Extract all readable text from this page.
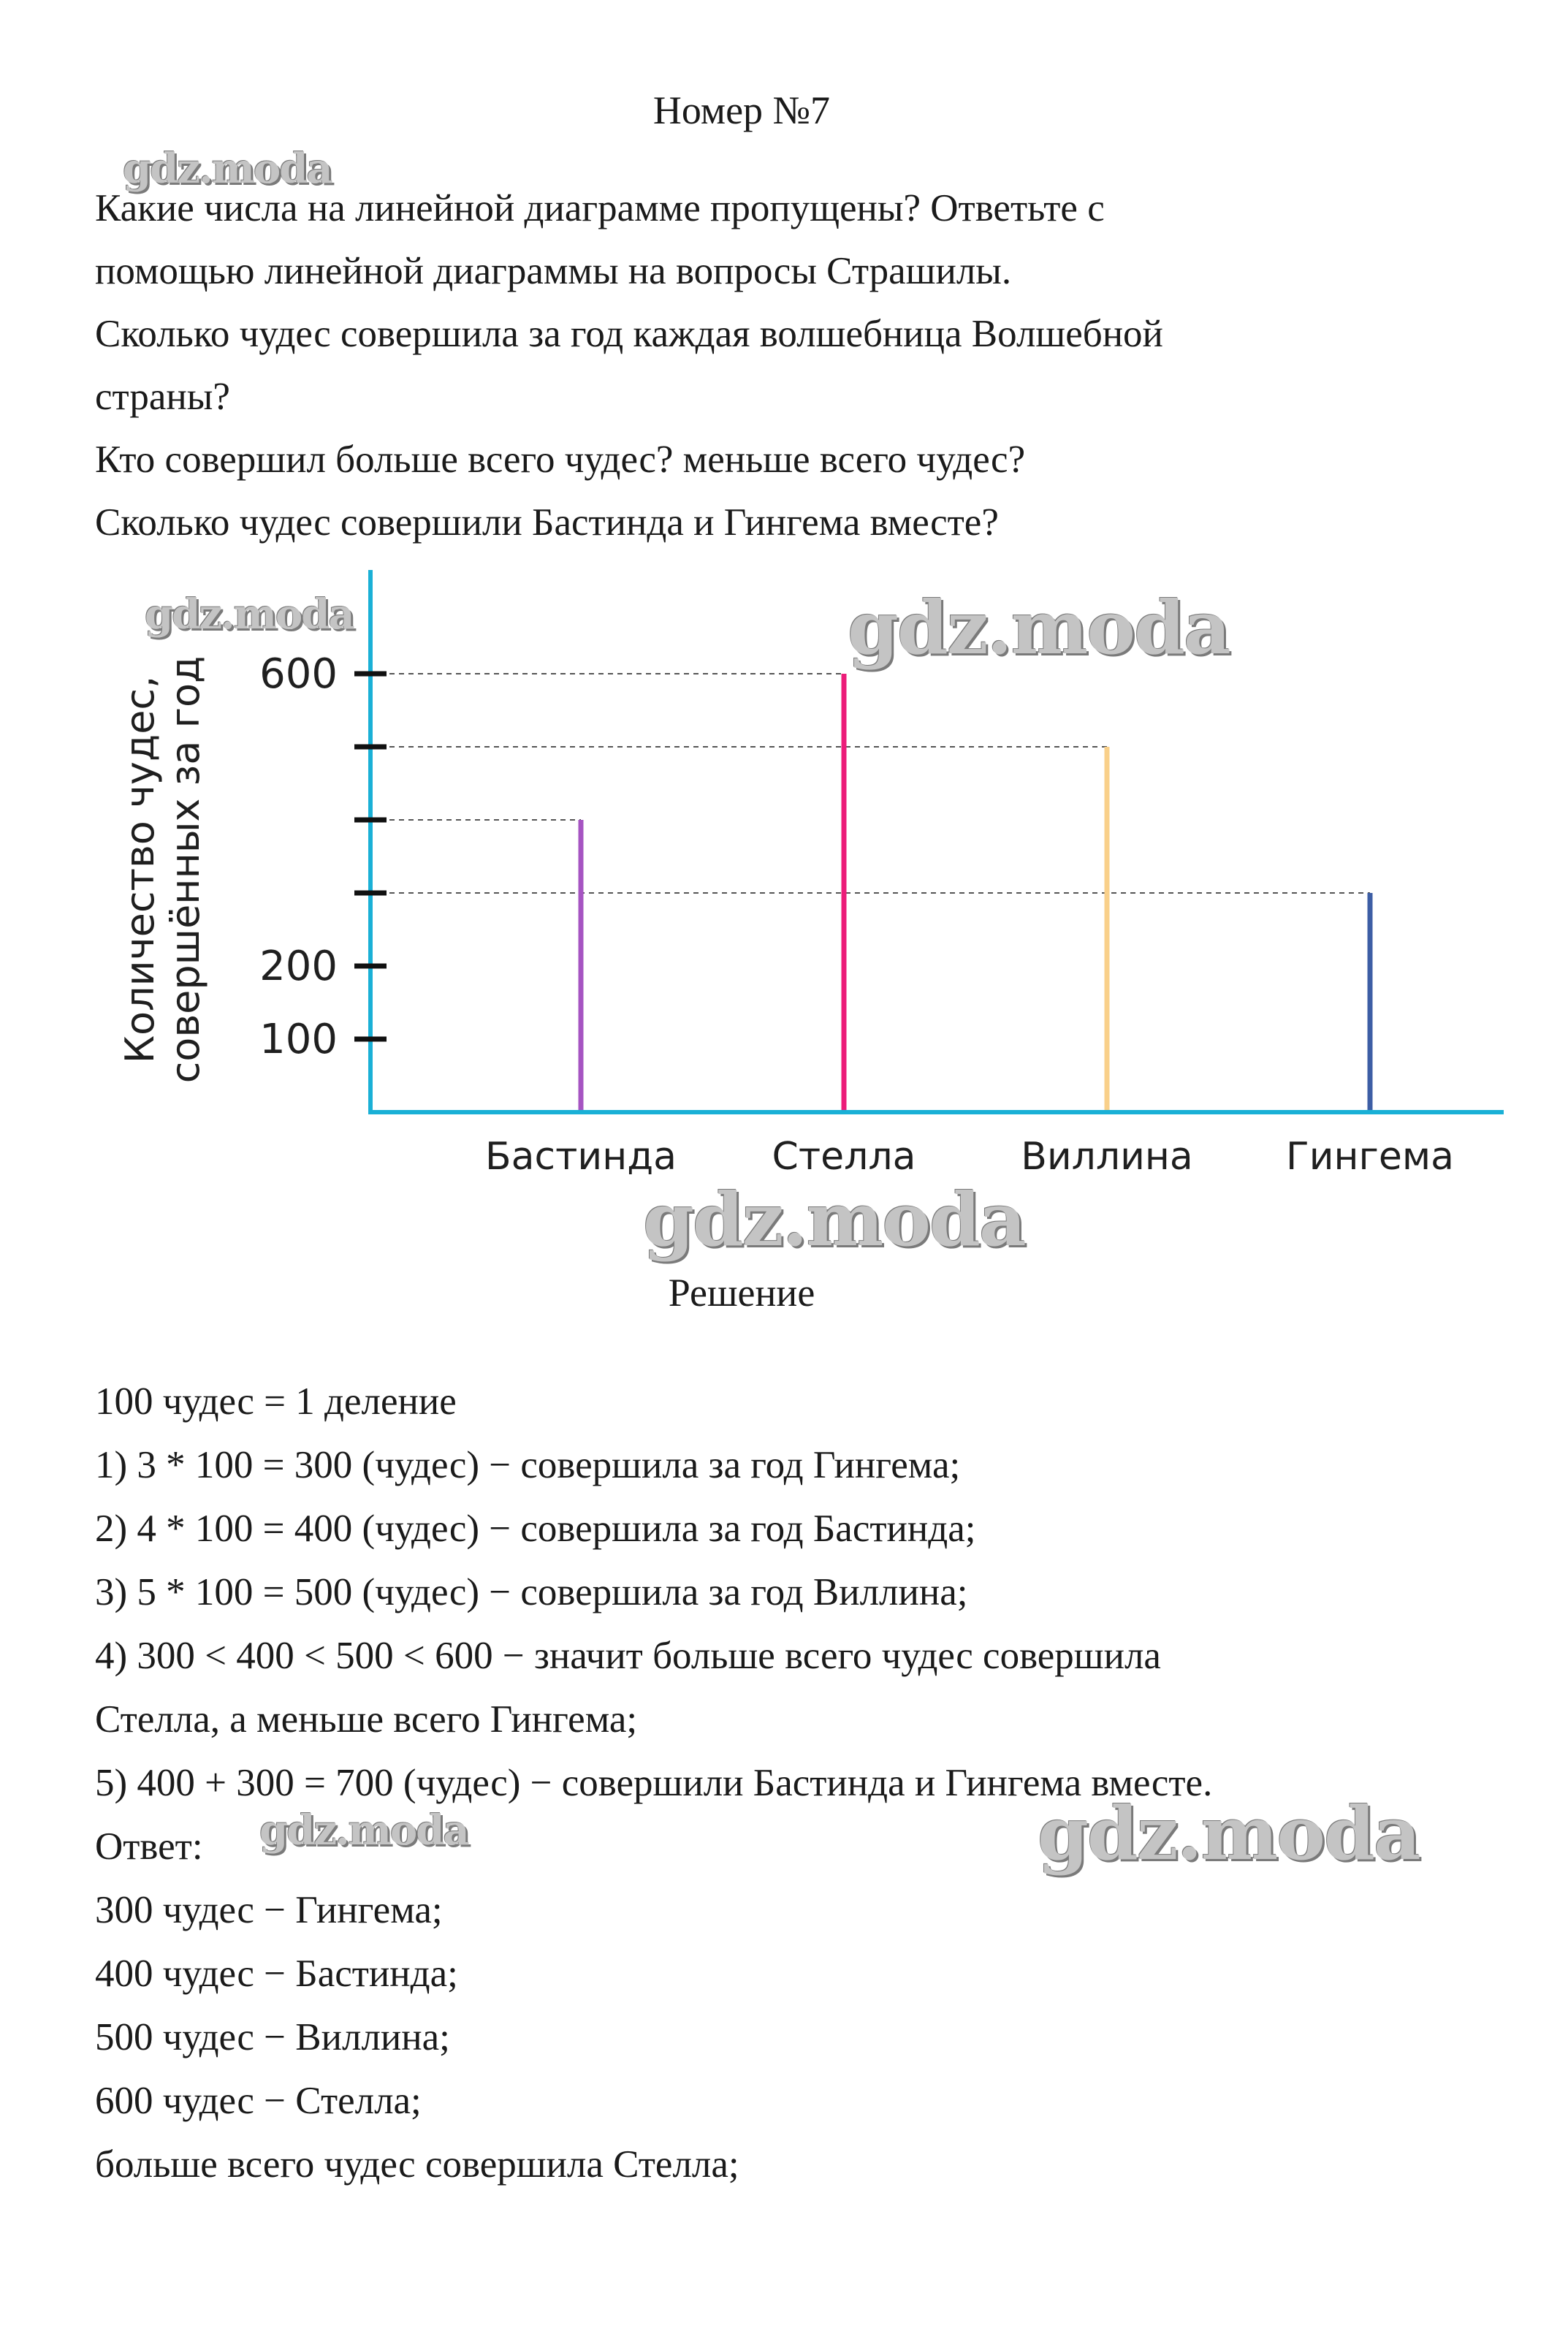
Номер №7
Какие числа на линейной диаграмме пропущены? Ответьте с
помощью линейной диаграммы на вопросы Страшилы.
Сколько чудес совершила за год каждая волшебница Волшебной
страны?
Кто совершил больше всего чудес? меньше всего чудес?
Сколько чудес совершили Бастинда и Гингема вместе?
100
200
600
Бастинда	Стелла	Виллина Гингема
Количество чудес, совершённых за год
Решение
100 чудес = 1 деление
1) 3 * 100 = 300 (чудес) − совершила за год Гингема;
2) 4 * 100 = 400 (чудес) − совершила за год Бастинда;
3) 5 * 100 = 500 (чудес) − совершила за год Виллина;
4) 300 < 400 < 500 < 600 − значит больше всего чудес совершила
Стелла, а меньше всего Гингема;
5) 400 + 300 = 700 (чудес) − совершили Бастинда и Гингема вместе.
Ответ:
300 чудес − Гингема;
400 чудес − Бастинда;
500 чудес − Виллина;
600 чудес − Стелла;
больше всего чудес совершила Стелла;
gdz.moda
gdz.moda	gdz.moda
gdz.moda
gdz.moda	gdz.moda
